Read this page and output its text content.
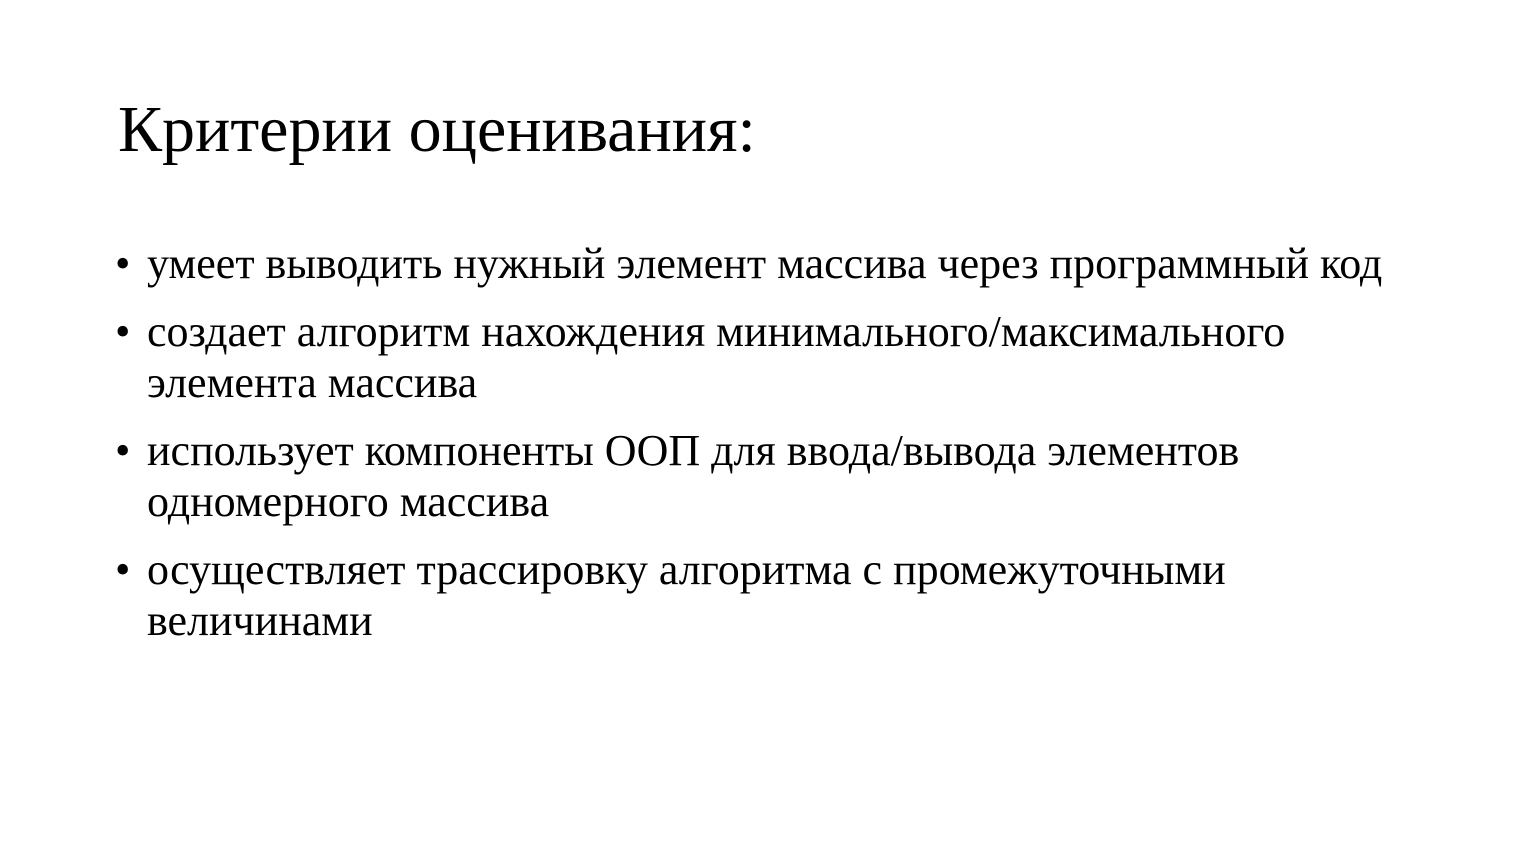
Критерии оценивания:
• умеет выводить нужный элемент массива через программный код
• создает алгоритм нахождения минимального/максимального элемента массива
• использует компоненты ООП для ввода/вывода элементов одномерного массива
• осуществляет трассировку алгоритма с промежуточными величинами
